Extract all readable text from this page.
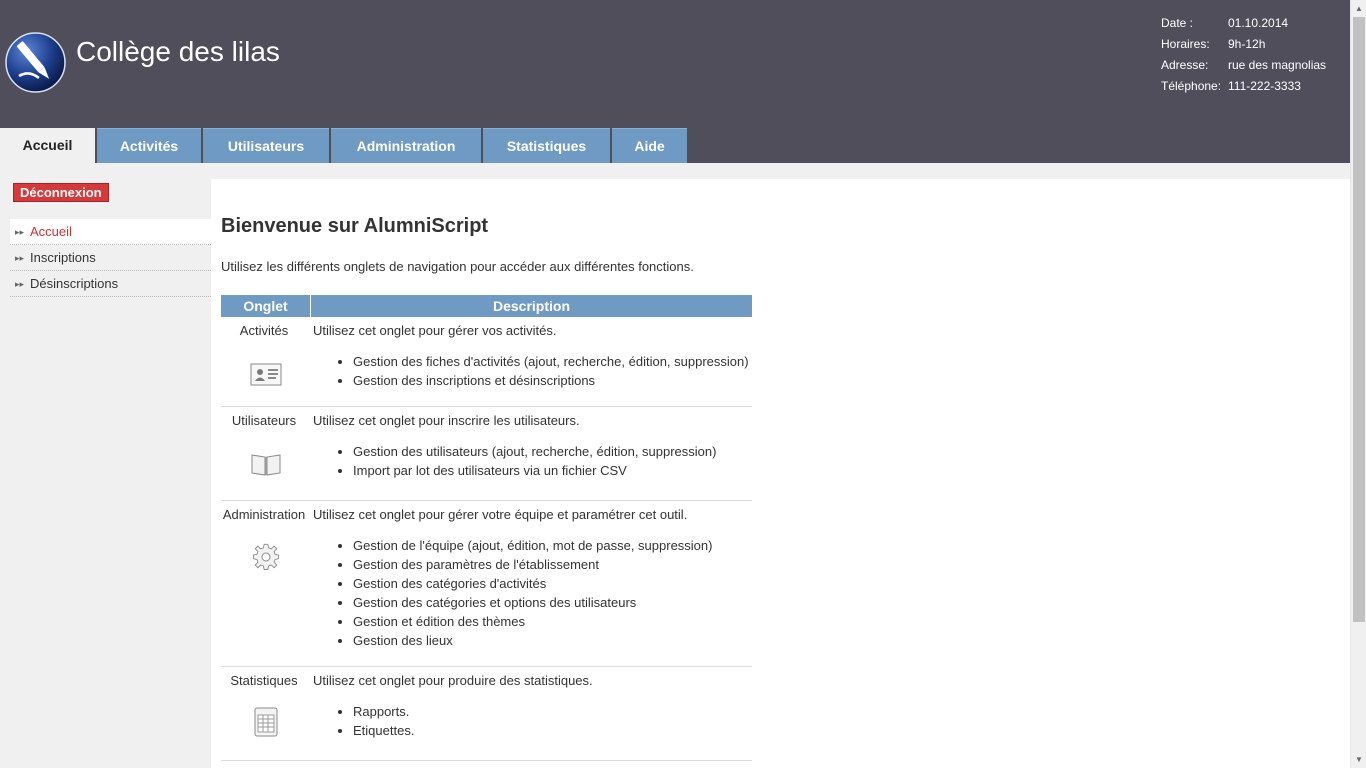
Collège des lilas
Date :	01.10.2014
Horaires: 9h-12h
Adresse: rue des magnolias
Téléphone: 111-222-3333
Accueil	Activités	Utilisateurs	Administration	Statistiques	Aide
Déconnexion
▸▸ Accueil
▸▸ Inscriptions
▸▸ Désinscriptions
Bienvenue sur AlumniScript
Utilisez les différents onglets de navigation pour accéder aux différentes fonctions.
Onglet	Description
Activités	Utilisez cet onglet pour gérer vos activités.
• Gestion des fiches d'activités (ajout, recherche, édition, suppression)
• Gestion des inscriptions et désinscriptions
Utilisateurs	Utilisez cet onglet pour inscrire les utilisateurs.
• Gestion des utilisateurs (ajout, recherche, édition, suppression)
• Import par lot des utilisateurs via un fichier CSV
Administration Utilisez cet onglet pour gérer votre équipe et paramétrer cet outil.
• Gestion de l'équipe (ajout, édition, mot de passe, suppression)
• Gestion des paramètres de l'établissement
• Gestion des catégories d'activités
• Gestion des catégories et options des utilisateurs
• Gestion et édition des thèmes
• Gestion des lieux
Statistiques	Utilisez cet onglet pour produire des statistiques.
• Rapports.
• Etiquettes.
▲
▼
